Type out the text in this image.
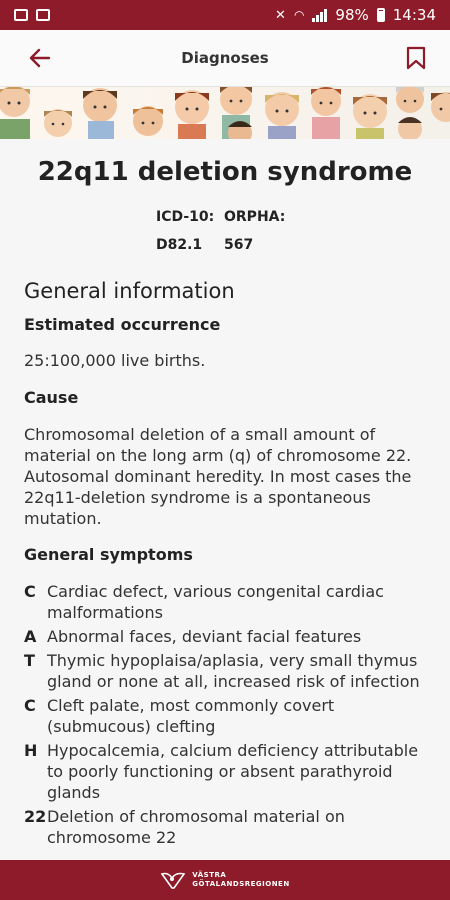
✕ ◠ 98% 14:34
Diagnoses
22q11 deletion syndrome
ICD-10: ORPHA:
D82.1	567
General information
Estimated occurrence
25:100,000 live births.
Cause
Chromosomal deletion of a small amount of material on the long arm (q) of chromosome 22. Autosomal dominant heredity. In most cases the 22q11-deletion syndrome is a spontaneous mutation.
General symptoms
C Cardiac defect, various congenital cardiac malformations
A Abnormal faces, deviant facial features
T Thymic hypoplaisa/aplasia, very small thymus gland or none at all, increased risk of infection
C Cleft palate, most commonly covert (submucous) clefting
H Hypocalcemia, calcium deficiency attributable to poorly functioning or absent parathyroid glands
22 Deletion of chromosomal material on chromosome 22
VÄSTRA
GÖTALANDSREGIONEN
